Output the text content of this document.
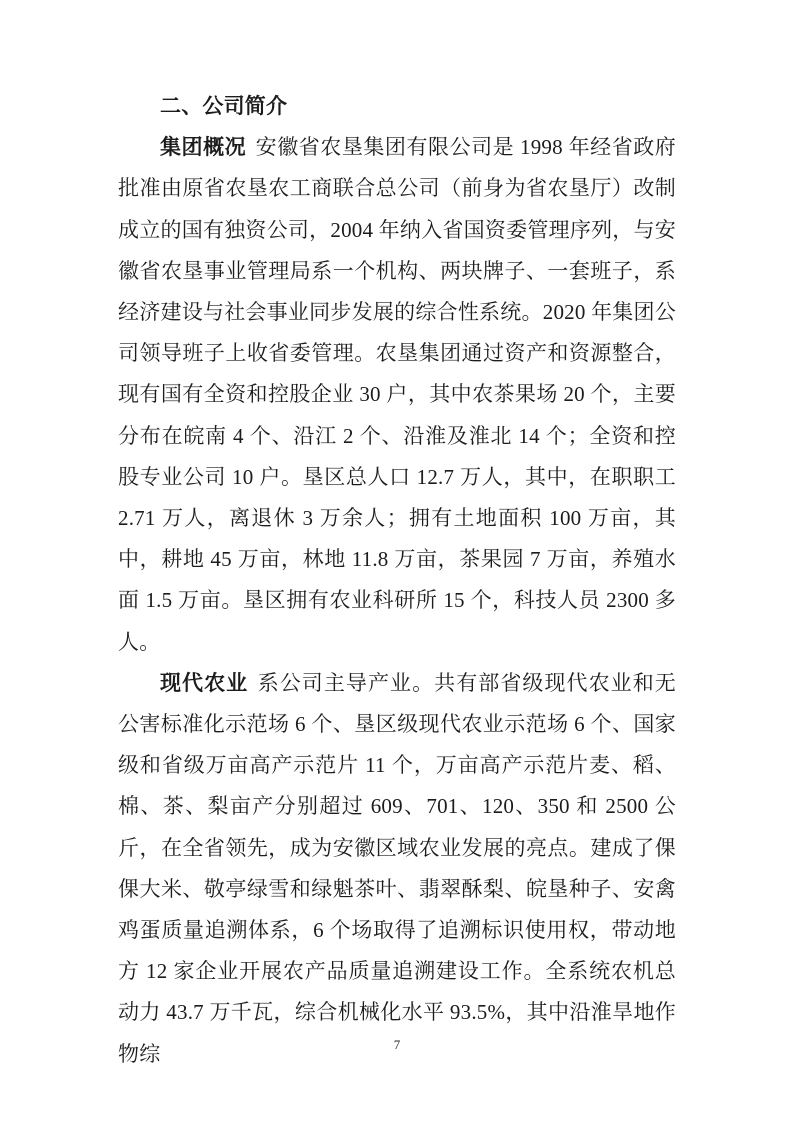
二、公司简介

集团概况 安徽省农垦集团有限公司是 1998 年经省政府批准由原省农垦农工商联合总公司（前身为省农垦厅）改制成立的国有独资公司，2004 年纳入省国资委管理序列，与安徽省农垦事业管理局系一个机构、两块牌子、一套班子，系经济建设与社会事业同步发展的综合性系统。2020 年集团公司领导班子上收省委管理。农垦集团通过资产和资源整合，现有国有全资和控股企业 30 户，其中农茶果场 20 个，主要分布在皖南 4 个、沿江 2 个、沿淮及淮北 14 个；全资和控股专业公司 10 户。垦区总人口 12.7 万人，其中，在职职工 2.71 万人，离退休 3 万余人；拥有土地面积 100 万亩，其中，耕地 45 万亩，林地 11.8 万亩，茶果园 7 万亩，养殖水面 1.5 万亩。垦区拥有农业科研所 15 个，科技人员 2300 多人。

现代农业 系公司主导产业。共有部省级现代农业和无公害标准化示范场 6 个、垦区级现代农业示范场 6 个、国家级和省级万亩高产示范片 11 个，万亩高产示范片麦、稻、棉、茶、梨亩产分别超过 609、701、120、350 和 2500 公斤，在全省领先，成为安徽区域农业发展的亮点。建成了倮倮大米、敬亭绿雪和绿魁茶叶、翡翠酥梨、皖垦种子、安禽鸡蛋质量追溯体系，6 个场取得了追溯标识使用权，带动地方 12 家企业开展农产品质量追溯建设工作。全系统农机总动力 43.7 万千瓦，综合机械化水平 93.5%，其中沿淮旱地作物综	7
